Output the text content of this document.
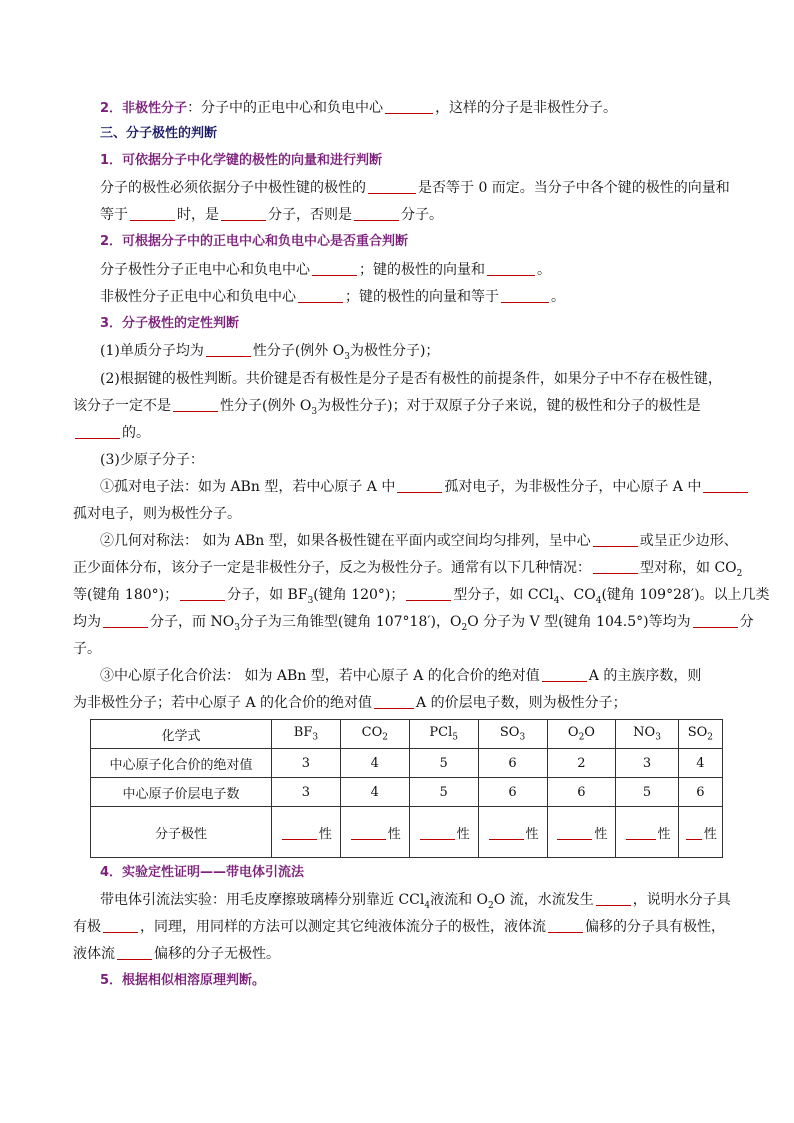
2．非极性分子：分子中的正电中心和负电中心	，这样的分子是非极性分子。
三、分子极性的判断
1．可依据分子中化学键的极性的向量和进行判断
分子的极性必须依据分子中极性键的极性的	是否等于 0 而定。当分子中各个键的极性的向量和
等于	时，是	分子，否则是	分子。
2．可根据分子中的正电中心和负电中心是否重合判断
分子极性分子正电中心和负电中心	；键的极性的向量和	。
非极性分子正电中心和负电中心	；键的极性的向量和等于	。
3．分子极性的定性判断
(1)单质分子均为	性分子(例外 $O_3$为极性分子)；
(2)根据键的极性判断。共价键是否有极性是分子是否有极性的前提条件，如果分子中不存在极性键，
该分子一定不是	性分子(例外 $O_3$为极性分子)；对于双原子分子来说，键的极性和分子的极性是
的。
(3)少原子分子：
①孤对电子法：如为 ABn 型，若中心原子 A 中	孤对电子，为非极性分子，中心原子 A 中
孤对电子，则为极性分子。
②几何对称法： 如为 ABn 型，如果各极性键在平面内或空间均匀排列，呈中心	或呈正少边形、
正少面体分布，该分子一定是非极性分子，反之为极性分子。通常有以下几种情况：	型对称，如 $CO_2$
等(键角 180°)；	分子，如 $BF_3$(键角 120°)；	型分子，如 CCl$_4$、$CO_4$(键角 109°28′)。以上几类
均为	分子，而 $NO_3$分子为三角锥型(键角 107°18′)，$O_2O$ 分子为 V 型(键角 104.5°)等均为	分
子。
③中心原子化合价法： 如为 ABn 型，若中心原子 A 的化合价的绝对值	A 的主族序数，则
为非极性分子；若中心原子 A 的化合价的绝对值	A 的价层电子数，则为极性分子；
化学式	$BF_3$	$CO_2$	PCl$_5$	$SO_3$	$O_2O$	$NO_3$	$SO_2$
中心原子化合价的绝对值	3	4	5	6	2	3	4
中心原子价层电子数	3	4	5	6	6	5	6
分子极性	性	性	性	性	性	性	性
4．实验定性证明——带电体引流法
带电体引流法实验：用毛皮摩擦玻璃棒分别靠近 CCl$_4$液流和 $O_2O$ 流，水流发生	，说明水分子具
有极	，同理，用同样的方法可以测定其它纯液体流分子的极性，液体流	偏移的分子具有极性，
液体流	偏移的分子无极性。
5．根据相似相溶原理判断。
